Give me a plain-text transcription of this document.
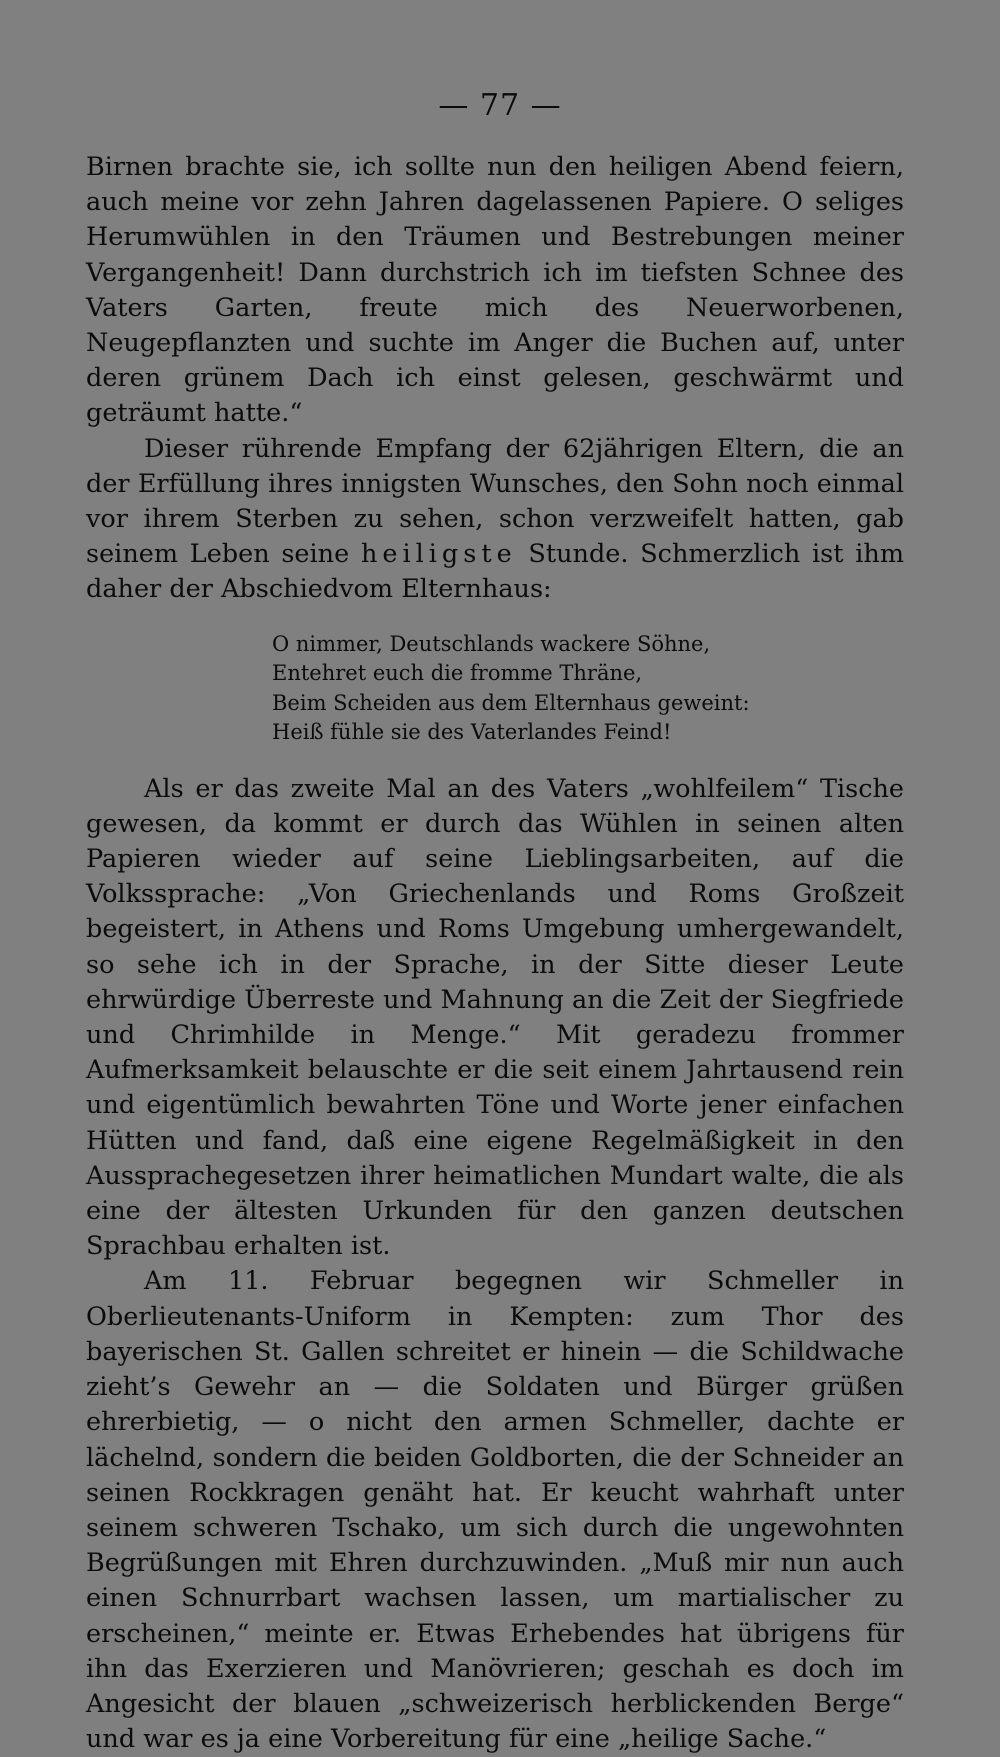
— 77 —

Birnen brachte sie, ich sollte nun den heiligen Abend feiern, auch meine vor zehn Jahren dagelassenen Papiere. O seliges Herumwühlen in den Träumen und Bestrebungen meiner Vergangenheit! Dann durchstrich ich im tiefsten Schnee des Vaters Garten, freute mich des Neuerworbenen, Neugepflanzten und suchte im Anger die Buchen auf, unter deren grünem Dach ich einst gelesen, geschwärmt und geträumt hatte.“

Dieser rührende Empfang der 62jährigen Eltern, die an der Erfüllung ihres innigsten Wunsches, den Sohn noch einmal vor ihrem Sterben zu sehen, schon verzweifelt hatten, gab seinem Leben seine heiligste Stunde. Schmerzlich ist ihm daher der Abschiedvom Elternhaus:

O nimmer, Deutschlands wackere Söhne,
Entehret euch die fromme Thräne,
Beim Scheiden aus dem Elternhaus geweint:
Heiß fühle sie des Vaterlandes Feind!

Als er das zweite Mal an des Vaters „wohlfeilem“ Tische gewesen, da kommt er durch das Wühlen in seinen alten Papieren wieder auf seine Lieblingsarbeiten, auf die Volkssprache: „Von Griechenlands und Roms Großzeit begeistert, in Athens und Roms Umgebung umhergewandelt, so sehe ich in der Sprache, in der Sitte dieser Leute ehrwürdige Überreste und Mahnung an die Zeit der Siegfriede und Chrimhilde in Menge.“ Mit geradezu frommer Aufmerksamkeit belauschte er die seit einem Jahrtausend rein und eigentümlich bewahrten Töne und Worte jener einfachen Hütten und fand, daß eine eigene Regelmäßigkeit in den Aussprachegesetzen ihrer heimatlichen Mundart walte, die als eine der ältesten Urkunden für den ganzen deutschen Sprachbau erhalten ist.

Am 11. Februar begegnen wir Schmeller in Oberlieutenants-Uniform in Kempten: zum Thor des bayerischen St. Gallen schreitet er hinein — die Schildwache zieht’s Gewehr an — die Soldaten und Bürger grüßen ehrerbietig, — o nicht den armen Schmeller, dachte er lächelnd, sondern die beiden Goldborten, die der Schneider an seinen Rockkragen genäht hat. Er keucht wahrhaft unter seinem schweren Tschako, um sich durch die ungewohnten Begrüßungen mit Ehren durchzuwinden. „Muß mir nun auch einen Schnurrbart wachsen lassen, um martialischer zu erscheinen,“ meinte er. Etwas Erhebendes hat übrigens für ihn das Exerzieren und Manövrieren; geschah es doch im Angesicht der blauen „schweizerisch herblickenden Berge“ und war es ja eine Vorbereitung für eine „heilige Sache.“
